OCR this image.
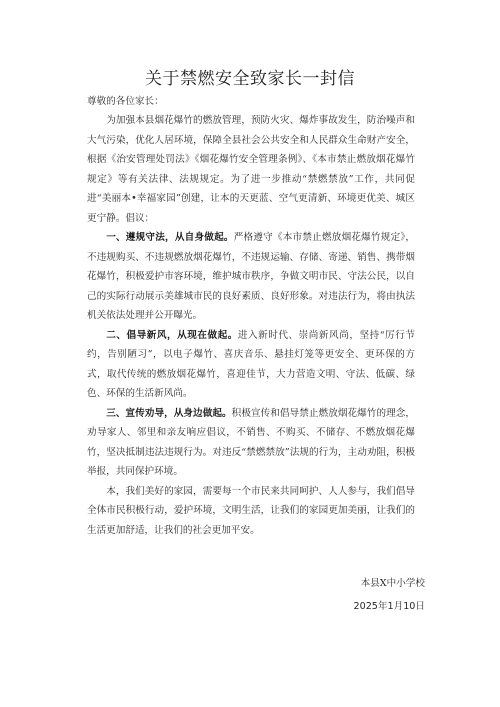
关于禁燃安全致家长一封信
尊敬的各位家长：

为加强本县烟花爆竹的燃放管理，预防火灾、爆炸事故发生，防治噪声和大气污染，优化人居环境，保障全县社会公共安全和人民群众生命财产安全，根据《治安管理处罚法》《烟花爆竹安全管理条例》、《本市禁止燃放烟花爆竹规定》等有关法律、法规规定。为了进一步推动“禁燃禁放”工作，共同促进“美丽本•幸福家园”创建，让本的天更蓝、空气更清新、环境更优美、城区更宁静。倡议：

一、遵规守法，从自身做起。严格遵守《本市禁止燃放烟花爆竹规定》，不违规购买、不违规燃放烟花爆竹，不违规运输、存储、寄递、销售、携带烟花爆竹，积极爱护市容环境，维护城市秩序，争做文明市民、守法公民，以自己的实际行动展示美雄城市民的良好素质、良好形象。对违法行为，将由执法机关依法处理并公开曝光。

二、倡导新风，从现在做起。进入新时代、崇尚新风尚，坚持“厉行节约，告别陋习”，以电子爆竹、喜庆音乐、悬挂灯笼等更安全、更环保的方式，取代传统的燃放烟花爆竹，喜迎佳节，大力营造文明、守法、低碳、绿色、环保的生活新风尚。

三、宣传劝导，从身边做起。积极宣传和倡导禁止燃放烟花爆竹的理念，劝导家人、邻里和亲友响应倡议，不销售、不购买、不储存、不燃放烟花爆竹，坚决抵制违法违规行为。对违反“禁燃禁放”法规的行为，主动劝阻，积极举报，共同保护环境。

本，我们美好的家园，需要每一个市民来共同呵护、人人参与，我们倡导全体市民积极行动，爱护环境，文明生活，让我们的家园更加美丽，让我们的生活更加舒适，让我们的社会更加平安。

本县X中小学校
2025年1月10日
